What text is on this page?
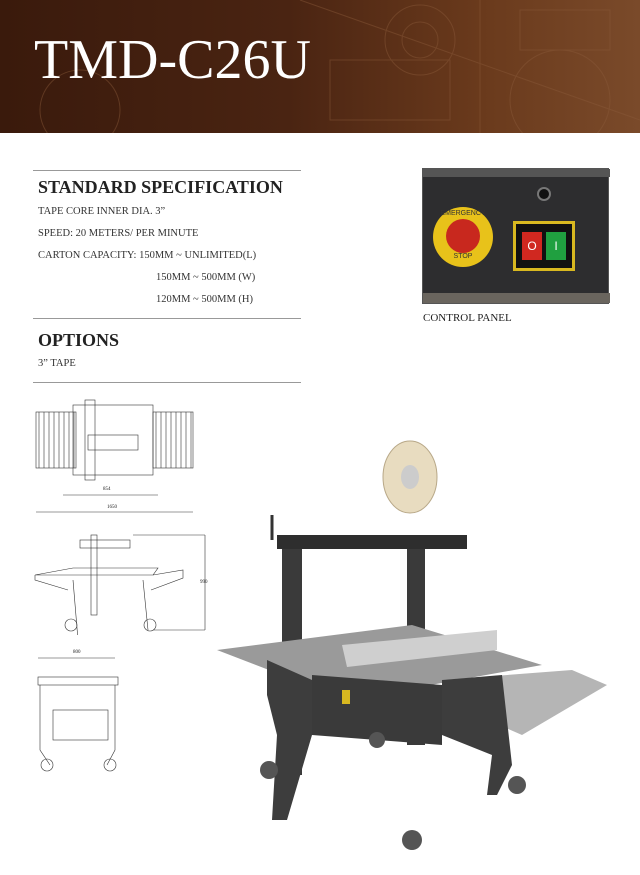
TMD-C26U
STANDARD SPECIFICATION
TAPE CORE INNER DIA. 3”
SPEED: 20 METERS/ PER MINUTE
CARTON CAPACITY: 150MM ~ UNLIMITED(L)
150MM ~ 500MM (W)
120MM ~ 500MM (H)
OPTIONS
3” TAPE
EMERGENCY
STOP
O	I
CONTROL PANEL
854
1650
990
800
